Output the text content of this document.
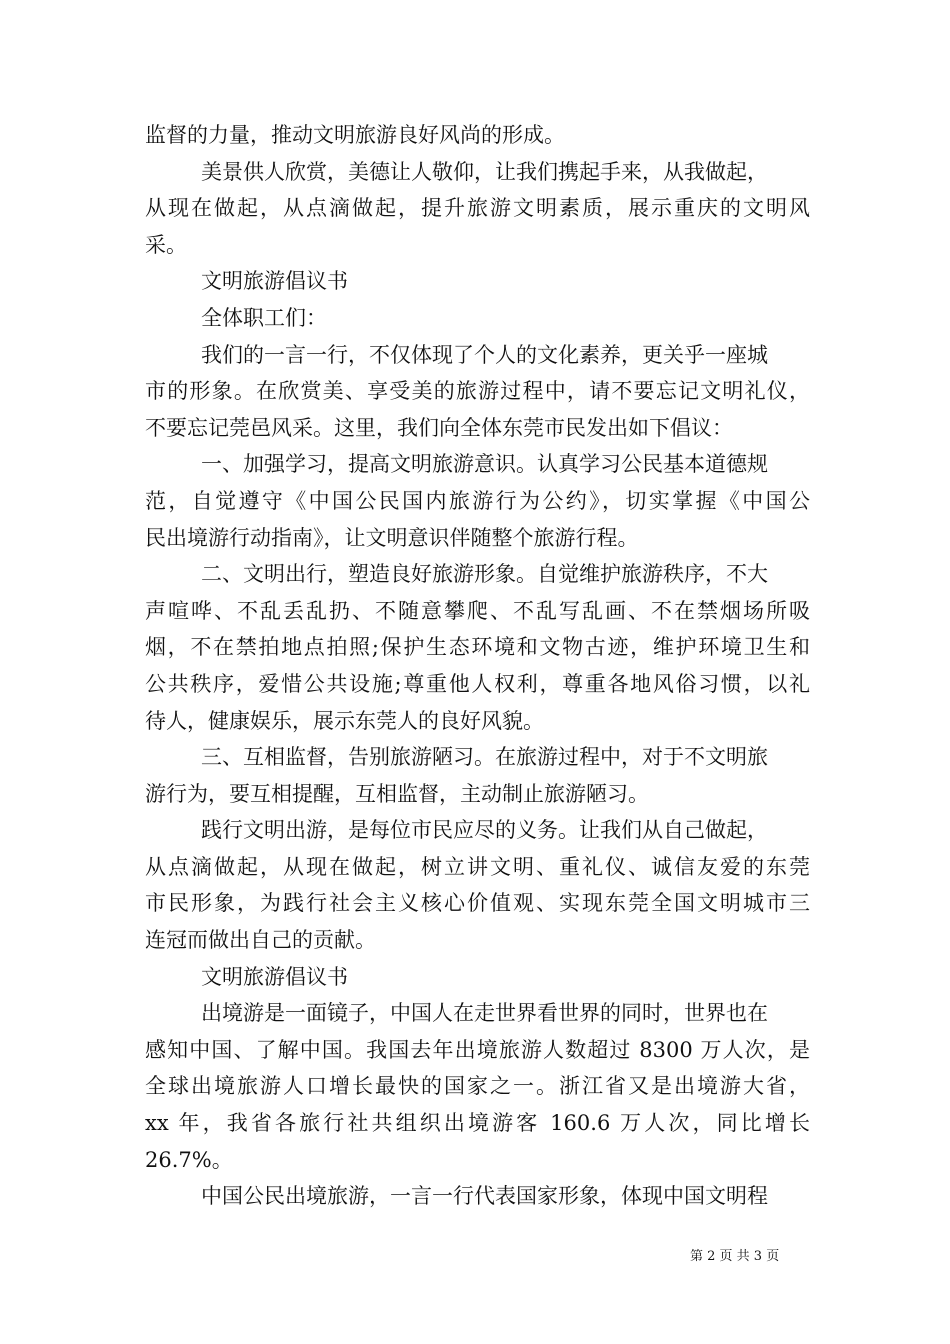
监督的力量，推动文明旅游良好风尚的形成。
美景供人欣赏，美德让人敬仰，让我们携起手来，从我做起，
从现在做起，从点滴做起，提升旅游文明素质，展示重庆的文明风
采。
文明旅游倡议书
全体职工们：
我们的一言一行，不仅体现了个人的文化素养，更关乎一座城
市的形象。在欣赏美、享受美的旅游过程中，请不要忘记文明礼仪，
不要忘记莞邑风采。这里，我们向全体东莞市民发出如下倡议：
一、加强学习，提高文明旅游意识。认真学习公民基本道德规
范，自觉遵守《中国公民国内旅游行为公约》，切实掌握《中国公
民出境游行动指南》，让文明意识伴随整个旅游行程。
二、文明出行，塑造良好旅游形象。自觉维护旅游秩序，不大
声喧哗、不乱丢乱扔、不随意攀爬、不乱写乱画、不在禁烟场所吸
烟，不在禁拍地点拍照;保护生态环境和文物古迹，维护环境卫生和
公共秩序，爱惜公共设施;尊重他人权利，尊重各地风俗习惯，以礼
待人，健康娱乐，展示东莞人的良好风貌。
三、互相监督，告别旅游陋习。在旅游过程中，对于不文明旅
游行为，要互相提醒，互相监督，主动制止旅游陋习。
践行文明出游，是每位市民应尽的义务。让我们从自己做起，
从点滴做起，从现在做起，树立讲文明、重礼仪、诚信友爱的东莞
市民形象，为践行社会主义核心价值观、实现东莞全国文明城市三
连冠而做出自己的贡献。
文明旅游倡议书
出境游是一面镜子，中国人在走世界看世界的同时，世界也在
感知中国、了解中国。我国去年出境旅游人数超过 8300 万人次，是
全球出境旅游人口增长最快的国家之一。浙江省又是出境游大省，
xx 年，我省各旅行社共组织出境游客 160.6 万人次，同比增长
26.7%。
中国公民出境旅游，一言一行代表国家形象，体现中国文明程
第 2 页 共 3 页
